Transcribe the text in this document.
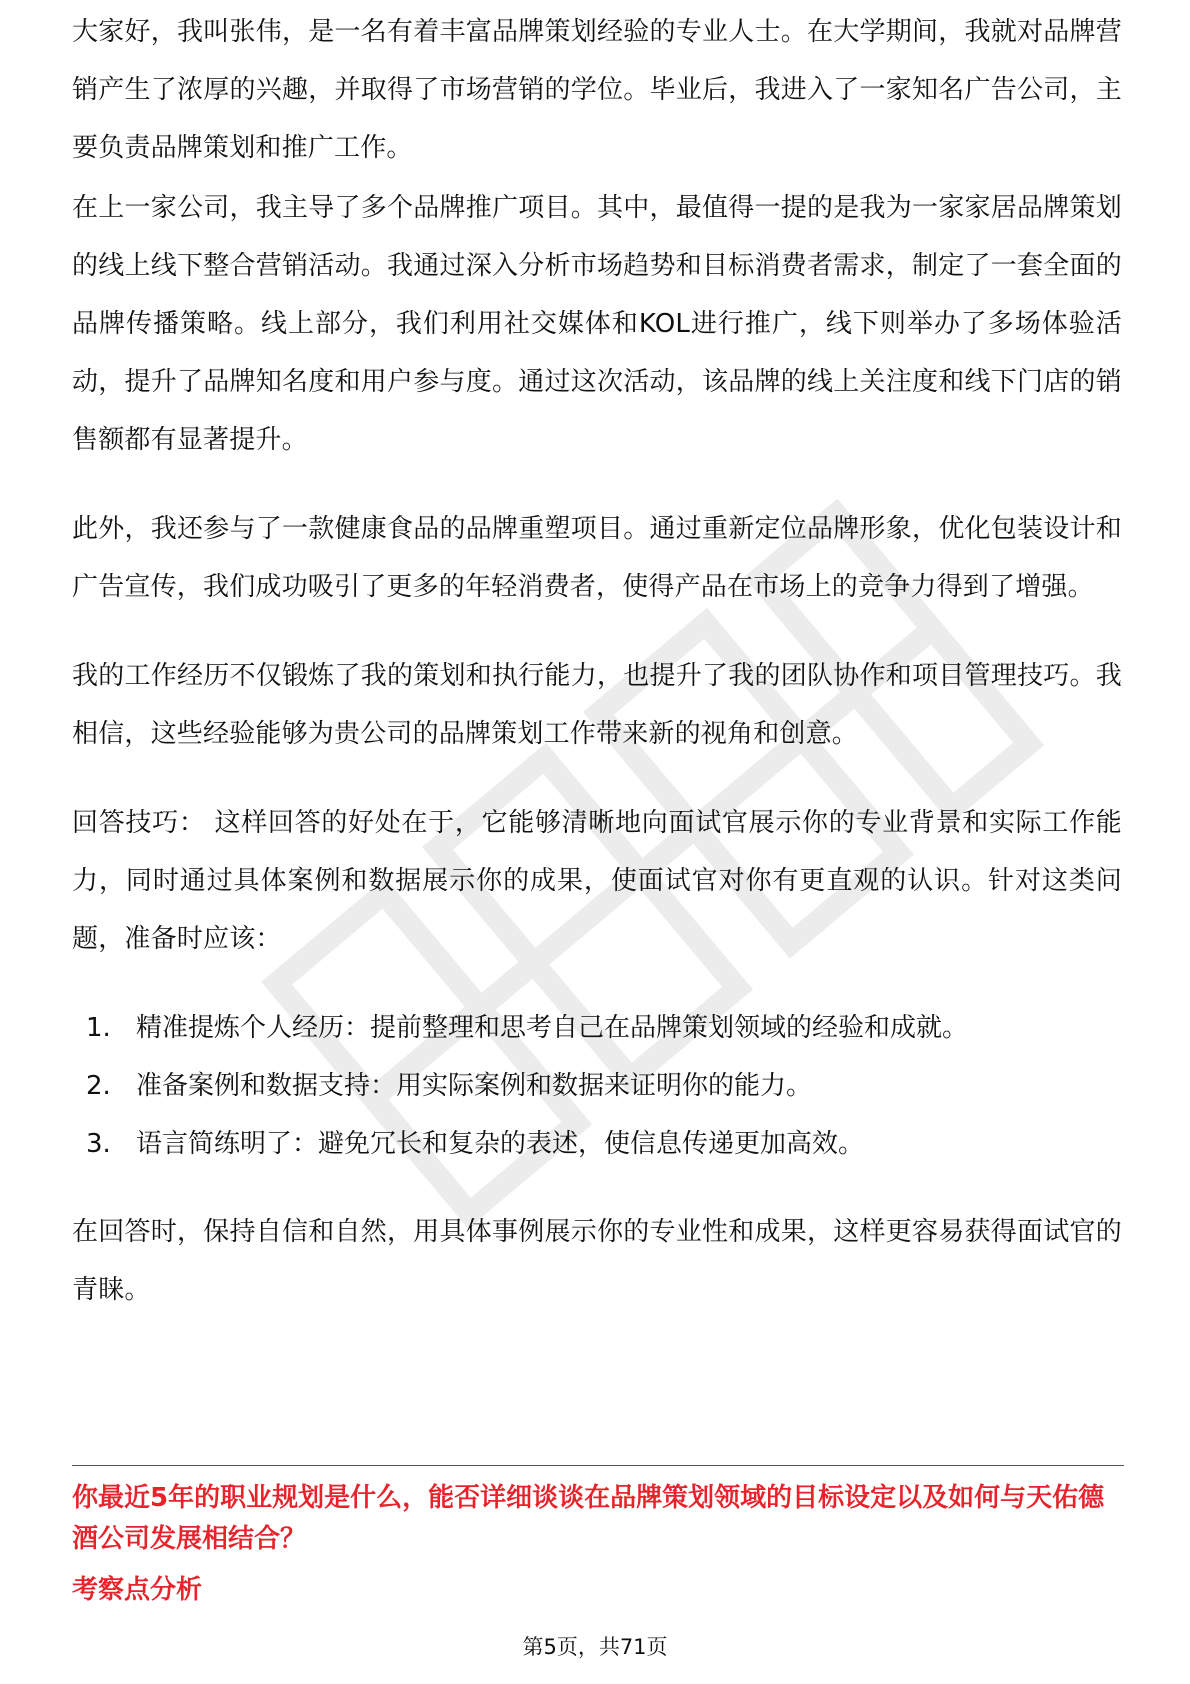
大家好，我叫张伟，是一名有着丰富品牌策划经验的专业人士。在大学期间，我就对品牌营销产生了浓厚的兴趣，并取得了市场营销的学位。毕业后，我进入了一家知名广告公司，主要负责品牌策划和推广工作。

在上一家公司，我主导了多个品牌推广项目。其中，最值得一提的是我为一家家居品牌策划的线上线下整合营销活动。我通过深入分析市场趋势和目标消费者需求，制定了一套全面的品牌传播策略。线上部分，我们利用社交媒体和KOL进行推广，线下则举办了多场体验活动，提升了品牌知名度和用户参与度。通过这次活动，该品牌的线上关注度和线下门店的销售额都有显著提升。

此外，我还参与了一款健康食品的品牌重塑项目。通过重新定位品牌形象，优化包装设计和广告宣传，我们成功吸引了更多的年轻消费者，使得产品在市场上的竞争力得到了增强。

我的工作经历不仅锻炼了我的策划和执行能力，也提升了我的团队协作和项目管理技巧。我相信，这些经验能够为贵公司的品牌策划工作带来新的视角和创意。

回答技巧： 这样回答的好处在于，它能够清晰地向面试官展示你的专业背景和实际工作能力，同时通过具体案例和数据展示你的成果，使面试官对你有更直观的认识。针对这类问题，准备时应该：

1. 精准提炼个人经历：提前整理和思考自己在品牌策划领域的经验和成就。
2. 准备案例和数据支持：用实际案例和数据来证明你的能力。
3. 语言简练明了：避免冗长和复杂的表述，使信息传递更加高效。

在回答时，保持自信和自然，用具体事例展示你的专业性和成果，这样更容易获得面试官的青睐。

你最近5年的职业规划是什么，能否详细谈谈在品牌策划领域的目标设定以及如何与天佑德酒公司发展相结合？
考察点分析
第5页，共71页
